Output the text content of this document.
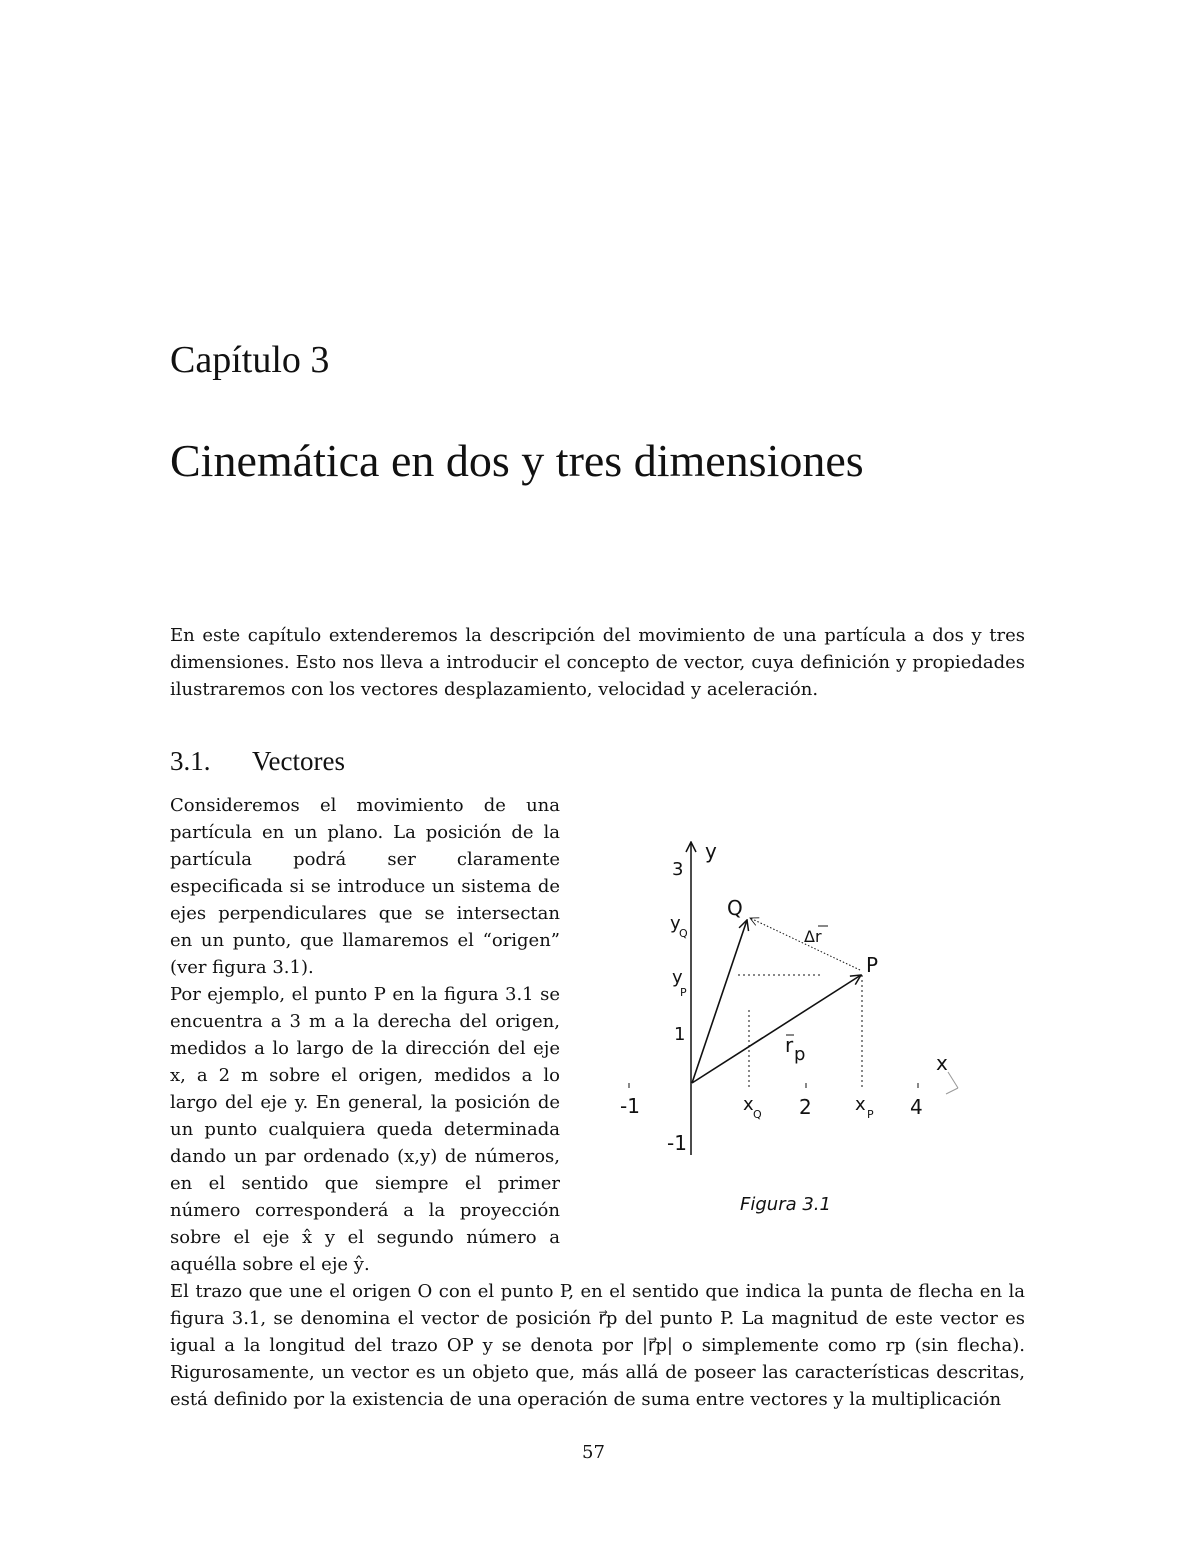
Capítulo 3
Cinemática en dos y tres dimensiones

En este capítulo extenderemos la descripción del movimiento de una partícula a dos y tres dimensiones. Esto nos lleva a introducir el concepto de vector, cuya definición y propiedades ilustraremos con los vectores desplazamiento, velocidad y aceleración.

3.1. Vectores

Consideremos el movimiento de una partícula en un plano. La posición de la partícula podrá ser claramente especificada si se introduce un sistema de ejes perpendiculares que se intersectan en un punto, que llamaremos el “origen” (ver figura 3.1).

Por ejemplo, el punto P en la figura 3.1 se encuentra a 3 m a la derecha del origen, medidos a lo largo de la dirección del eje x, a 2 m sobre el origen, medidos a lo largo del eje y. En general, la posición de un punto cualquiera queda determinada dando un par ordenado (x,y) de números, en el sentido que siempre el primer número corresponderá a la proyección sobre el eje x̂ y el segundo número a aquélla sobre el eje ŷ.

y
x
3
y
Q
y
P
1
-1
-1
x Q 2 x P 4
Q
P
Δr
r p

Figura 3.1

El trazo que une el origen O con el punto P, en el sentido que indica la punta de flecha en la figura 3.1, se denomina el vector de posición r⃗p del punto P. La magnitud de este vector es igual a la longitud del trazo OP y se denota por |r⃗p| o simplemente como rp (sin flecha). Rigurosamente, un vector es un objeto que, más allá de poseer las características descritas, está definido por la existencia de una operación de suma entre vectores y la multiplicación

57
